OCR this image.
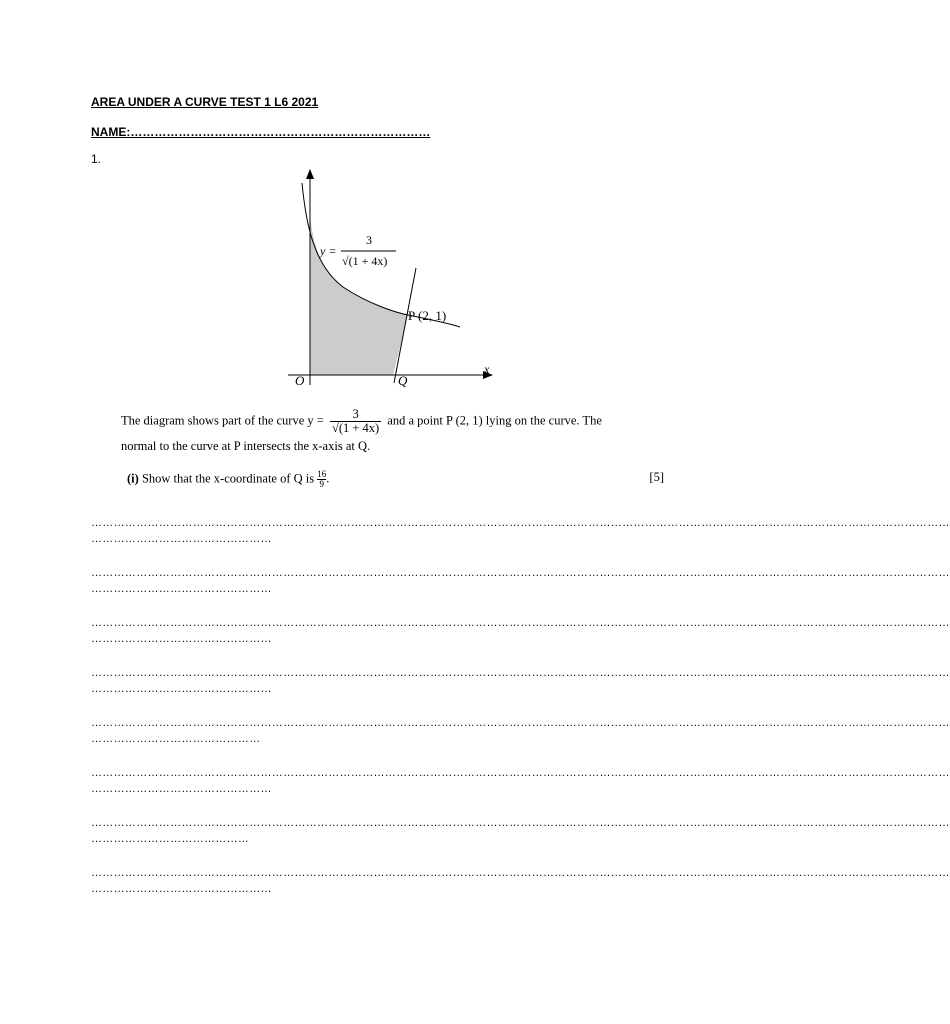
AREA UNDER A CURVE TEST 1 L6 2021
NAME:…………………………………………………………………
1.
y =
3
√(1 + 4x)
O	Q
P (2, 1)
x
The diagram shows part of the curve $y = \frac{3}{√(1 + 4x)}$ and a point P (2, 1) lying on the curve. The
normal to the curve at P intersects the x-axis at Q.
(i) Show that the x-coordinate of Q is $\frac{16}{9}$ .	[5]
…………………………………………………………………………………………………………………………………………………………………………………………………………
…………………………………………
…………………………………………………………………………………………………………………………………………………………………………………………………………
…………………………………………
…………………………………………………………………………………………………………………………………………………………………………………………………………
…………………………………………
…………………………………………………………………………………………………………………………………………………………………………………………………………
…………………………………………
…………………………………………………………………………………………………………………………………………………………………………………………………………
………………………………………
…………………………………………………………………………………………………………………………………………………………………………………………………………
…………………………………………
…………………………………………………………………………………………………………………………………………………………………………………………………………
……………………………………
…………………………………………………………………………………………………………………………………………………………………………………………………………
…………………………………………
